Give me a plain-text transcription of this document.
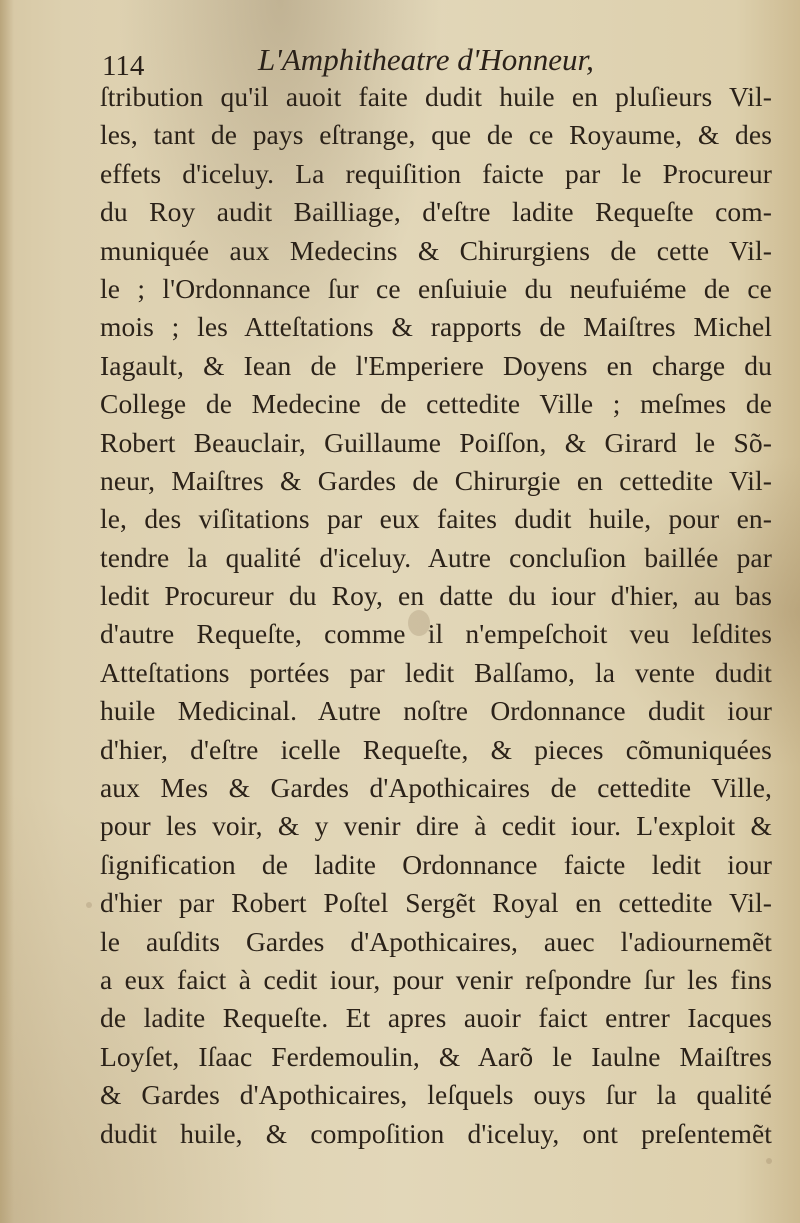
114	L'Amphitheatre d'Honneur,
ſtribution qu'il auoit faite dudit huile en pluſieurs Vil-
les, tant de pays eſtrange, que de ce Royaume, & des
effets d'iceluy. La requiſition faicte par le Procureur
du Roy audit Bailliage, d'eſtre ladite Requeſte com-
muniquée aux Medecins & Chirurgiens de cette Vil-
le ; l'Ordonnance ſur ce enſuiuie du neufuiéme de ce
mois ; les Atteſtations & rapports de Maiſtres Michel
Iagault, & Iean de l'Emperiere Doyens en charge du
College de Medecine de cettedite Ville ; meſmes de
Robert Beauclair, Guillaume Poiſſon, & Girard le Sõ-
neur, Maiſtres & Gardes de Chirurgie en cettedite Vil-
le, des viſitations par eux faites dudit huile, pour en-
tendre la qualité d'iceluy. Autre concluſion baillée par
ledit Procureur du Roy, en datte du iour d'hier, au bas
d'autre Requeſte, comme il n'empeſchoit veu leſdites
Atteſtations portées par ledit Balſamo, la vente dudit
huile Medicinal. Autre noſtre Ordonnance dudit iour
d'hier, d'eſtre icelle Requeſte, & pieces cõmuniquées
aux Mes & Gardes d'Apothicaires de cettedite Ville,
pour les voir, & y venir dire à cedit iour. L'exploit &
ſignification de ladite Ordonnance faicte ledit iour
d'hier par Robert Poſtel Sergẽt Royal en cettedite Vil-
le auſdits Gardes d'Apothicaires, auec l'adiournemẽt
a eux faict à cedit iour, pour venir reſpondre ſur les fins
de ladite Requeſte. Et apres auoir faict entrer Iacques
Loyſet, Iſaac Ferdemoulin, & Aarõ le Iaulne Maiſtres
& Gardes d'Apothicaires, leſquels ouys ſur la qualité
dudit huile, & compoſition d'iceluy, ont preſentemẽt
